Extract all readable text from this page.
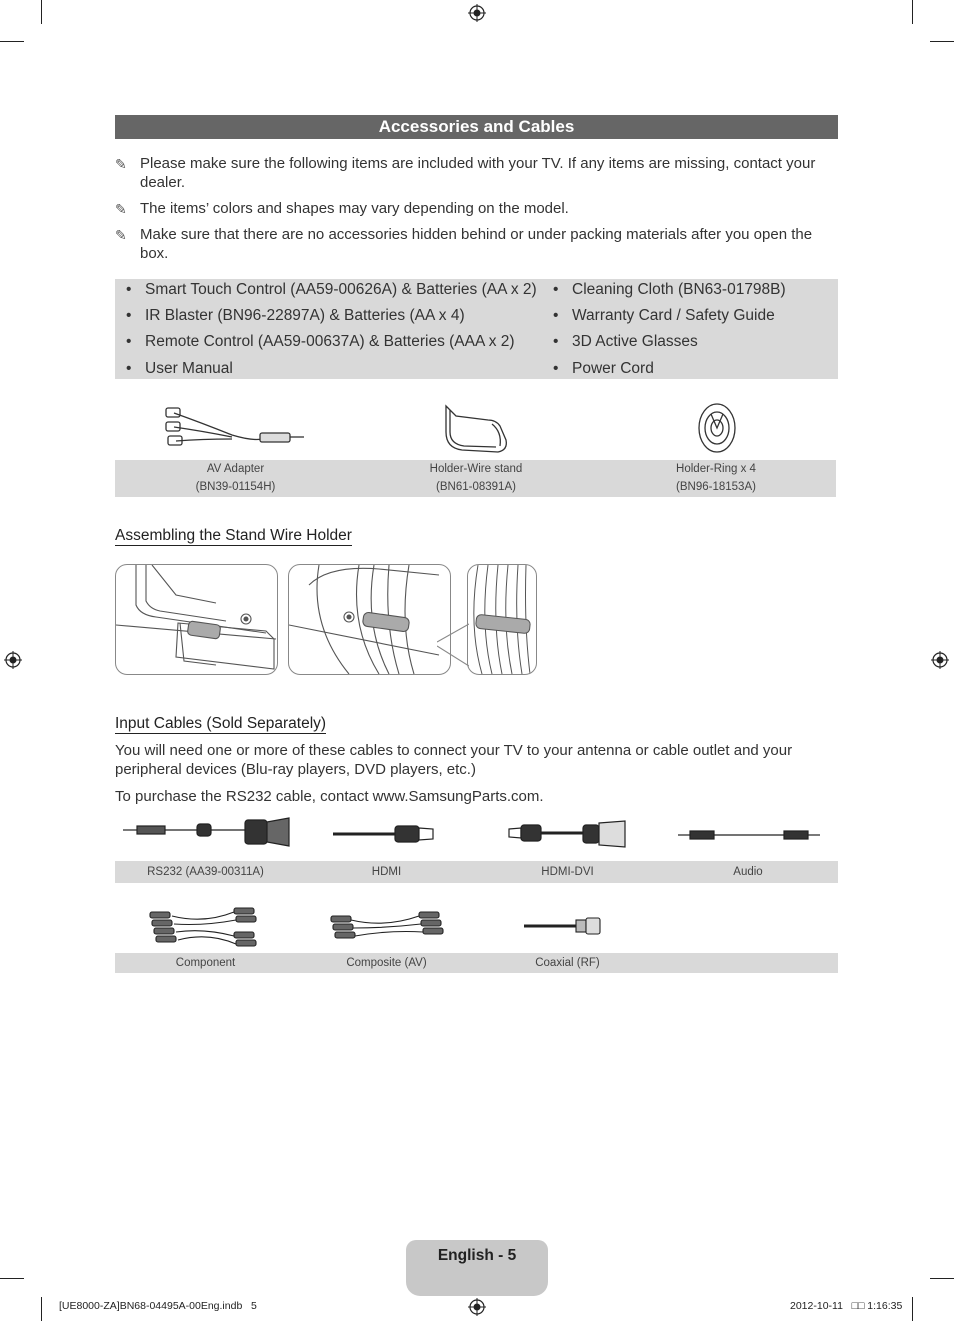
Accessories and Cables
✎ Please make sure the following items are included with your TV. If any items are missing, contact your dealer.
✎ The items’ colors and shapes may vary depending on the model.
✎ Make sure that there are no accessories hidden behind or under packing materials after you open the box.
• Smart Touch Control (AA59-00626A) & Batteries (AA x 2)
• IR Blaster (BN96-22897A) & Batteries (AA x 4)
• Remote Control (AA59-00637A) & Batteries (AAA x 2)
• User Manual
• Cleaning Cloth (BN63-01798B)
• Warranty Card / Safety Guide
• 3D Active Glasses
• Power Cord
AV Adapter
(BN39-01154H)
Holder-Wire stand
(BN61-08391A)
Holder-Ring x 4
(BN96-18153A)
Assembling the Stand Wire Holder
Input Cables (Sold Separately)
You will need one or more of these cables to connect your TV to your antenna or cable outlet and your peripheral devices (Blu-ray players, DVD players, etc.)
To purchase the RS232 cable, contact www.SamsungParts.com.
RS232 (AA39-00311A)	HDMI	HDMI-DVI	Audio
Component	Composite (AV)	Coaxial (RF)
English - 5
[UE8000-ZA]BN68-04495A-00Eng.indb   5	2012-10-11   □□ 1:16:35
